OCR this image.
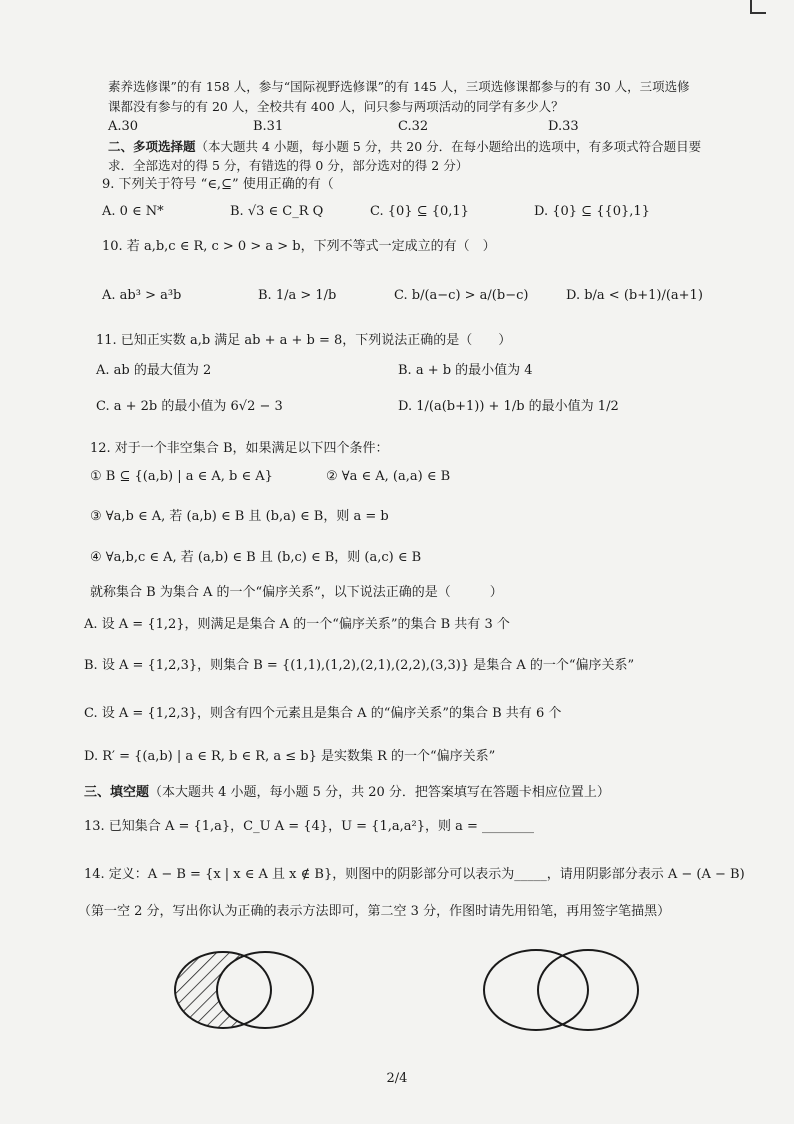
素养选修课”的有 158 人，参与“国际视野选修课”的有 145 人，三项选修课都参与的有 30 人，三项选修
课都没有参与的有 20 人，全校共有 400 人，问只参与两项活动的同学有多少人？
A.30	B.31	C.32	D.33
二、多项选择题（本大题共 4 小题，每小题 5 分，共 20 分．在每小题给出的选项中，有多项式符合题目要
求．全部选对的得 5 分，有错选的得 0 分，部分选对的得 2 分）
9. 下列关于符号 “∈,⊆” 使用正确的有（
A. 0 ∈ N*	B. √3 ∈ C_R Q	C. {0} ⊆ {0,1}	D. {0} ⊆ {{0},1}
10. 若 a,b,c ∈ R, c > 0 > a > b，下列不等式一定成立的有（　）
A. ab³ > a³b	B. 1/a > 1/b	C. b/(a−c) > a/(b−c)	D. b/a < (b+1)/(a+1)
11. 已知正实数 a,b 满足 ab + a + b = 8，下列说法正确的是（　　）
A. ab 的最大值为 2	B. a + b 的最小值为 4
C. a + 2b 的最小值为 6√2 − 3	D. 1/(a(b+1)) + 1/b 的最小值为 1/2
12. 对于一个非空集合 B，如果满足以下四个条件：
① B ⊆ {(a,b) | a ∈ A, b ∈ A}	② ∀a ∈ A, (a,a) ∈ B
③ ∀a,b ∈ A, 若 (a,b) ∈ B 且 (b,a) ∈ B，则 a = b
④ ∀a,b,c ∈ A, 若 (a,b) ∈ B 且 (b,c) ∈ B，则 (a,c) ∈ B
就称集合 B 为集合 A 的一个“偏序关系”，以下说法正确的是（　　　）
A. 设 A = {1,2}，则满足是集合 A 的一个“偏序关系”的集合 B 共有 3 个
B. 设 A = {1,2,3}，则集合 B = {(1,1),(1,2),(2,1),(2,2),(3,3)} 是集合 A 的一个“偏序关系”
C. 设 A = {1,2,3}，则含有四个元素且是集合 A 的“偏序关系”的集合 B 共有 6 个
D. R′ = {(a,b) | a ∈ R, b ∈ R, a ≤ b} 是实数集 R 的一个“偏序关系”
三、填空题（本大题共 4 小题，每小题 5 分，共 20 分．把答案填写在答题卡相应位置上）
13. 已知集合 A = {1,a}，C_U A = {4}，U = {1,a,a²}，则 a = ________
14. 定义：A − B = {x | x ∈ A 且 x ∉ B}，则图中的阴影部分可以表示为_____，请用阴影部分表示 A − (A − B)
（第一空 2 分，写出你认为正确的表示方法即可，第二空 3 分，作图时请先用铅笔，再用签字笔描黑）
2/4
